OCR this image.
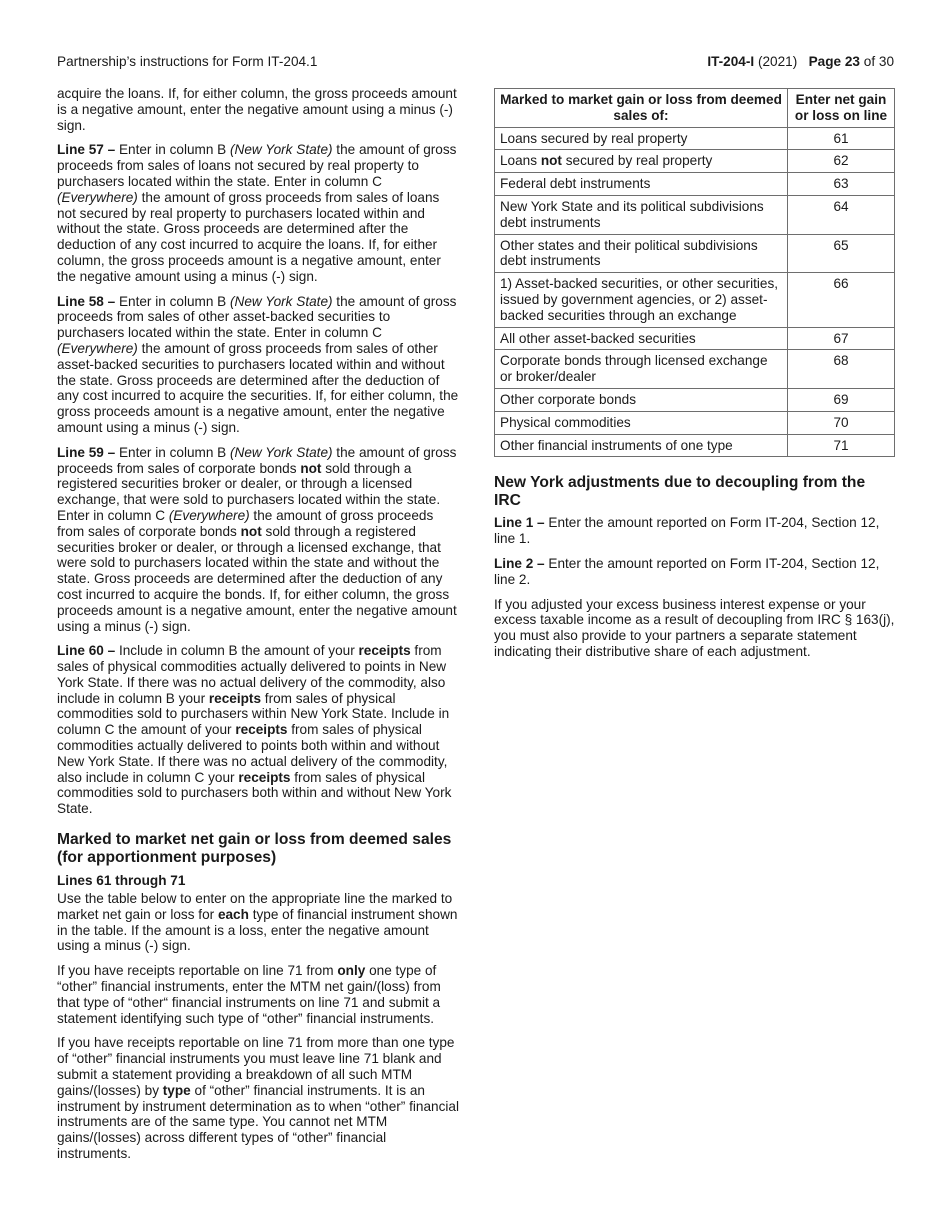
Partnership’s instructions for Form IT-204.1	IT-204-I (2021) Page 23 of 30

acquire the loans. If, for either column, the gross proceeds amount is a negative amount, enter the negative amount using a minus (-) sign.

Line 57 – Enter in column B (New York State) the amount of gross proceeds from sales of loans not secured by real property to purchasers located within the state. Enter in column C (Everywhere) the amount of gross proceeds from sales of loans not secured by real property to purchasers located within and without the state. Gross proceeds are determined after the deduction of any cost incurred to acquire the loans. If, for either column, the gross proceeds amount is a negative amount, enter the negative amount using a minus (-) sign.

Line 58 – Enter in column B (New York State) the amount of gross proceeds from sales of other asset-backed securities to purchasers located within the state. Enter in column C (Everywhere) the amount of gross proceeds from sales of other asset-backed securities to purchasers located within and without the state. Gross proceeds are determined after the deduction of any cost incurred to acquire the securities. If, for either column, the gross proceeds amount is a negative amount, enter the negative amount using a minus (-) sign.

Line 59 – Enter in column B (New York State) the amount of gross proceeds from sales of corporate bonds not sold through a registered securities broker or dealer, or through a licensed exchange, that were sold to purchasers located within the state. Enter in column C (Everywhere) the amount of gross proceeds from sales of corporate bonds not sold through a registered securities broker or dealer, or through a licensed exchange, that were sold to purchasers located within the state and without the state. Gross proceeds are determined after the deduction of any cost incurred to acquire the bonds. If, for either column, the gross proceeds amount is a negative amount, enter the negative amount using a minus (-) sign.

Line 60 – Include in column B the amount of your receipts from sales of physical commodities actually delivered to points in New York State. If there was no actual delivery of the commodity, also include in column B your receipts from sales of physical commodities sold to purchasers within New York State. Include in column C the amount of your receipts from sales of physical commodities actually delivered to points both within and without New York State. If there was no actual delivery of the commodity, also include in column C your receipts from sales of physical commodities sold to purchasers both within and without New York State.

Marked to market net gain or loss from deemed sales (for apportionment purposes)
Lines 61 through 71

Use the table below to enter on the appropriate line the marked to market net gain or loss for each type of financial instrument shown in the table. If the amount is a loss, enter the negative amount using a minus (-) sign.

If you have receipts reportable on line 71 from only one type of “other” financial instruments, enter the MTM net gain/(loss) from that type of “other“ financial instruments on line 71 and submit a statement identifying such type of “other” financial instruments.

If you have receipts reportable on line 71 from more than one type of “other” financial instruments you must leave line 71 blank and submit a statement providing a breakdown of all such MTM gains/(losses) by type of “other” financial instruments. It is an instrument by instrument determination as to when “other” financial instruments are of the same type. You cannot net MTM gains/(losses) across different types of “other” financial instruments.

Marked to market gain or loss from deemed sales of:	Enter net gain or loss on line
Loans secured by real property	61
Loans not secured by real property	62
Federal debt instruments	63
New York State and its political subdivisions debt instruments	64
Other states and their political subdivisions debt instruments	65
1) Asset-backed securities, or other securities, issued by government agencies, or 2) asset-backed securities through an exchange	66
All other asset-backed securities	67
Corporate bonds through licensed exchange or broker/dealer	68
Other corporate bonds	69
Physical commodities	70
Other financial instruments of one type	71
New York adjustments due to decoupling from the IRC

Line 1 – Enter the amount reported on Form IT-204, Section 12, line 1.

Line 2 – Enter the amount reported on Form IT-204, Section 12, line 2.

If you adjusted your excess business interest expense or your excess taxable income as a result of decoupling from IRC § 163(j), you must also provide to your partners a separate statement indicating their distributive share of each adjustment.
